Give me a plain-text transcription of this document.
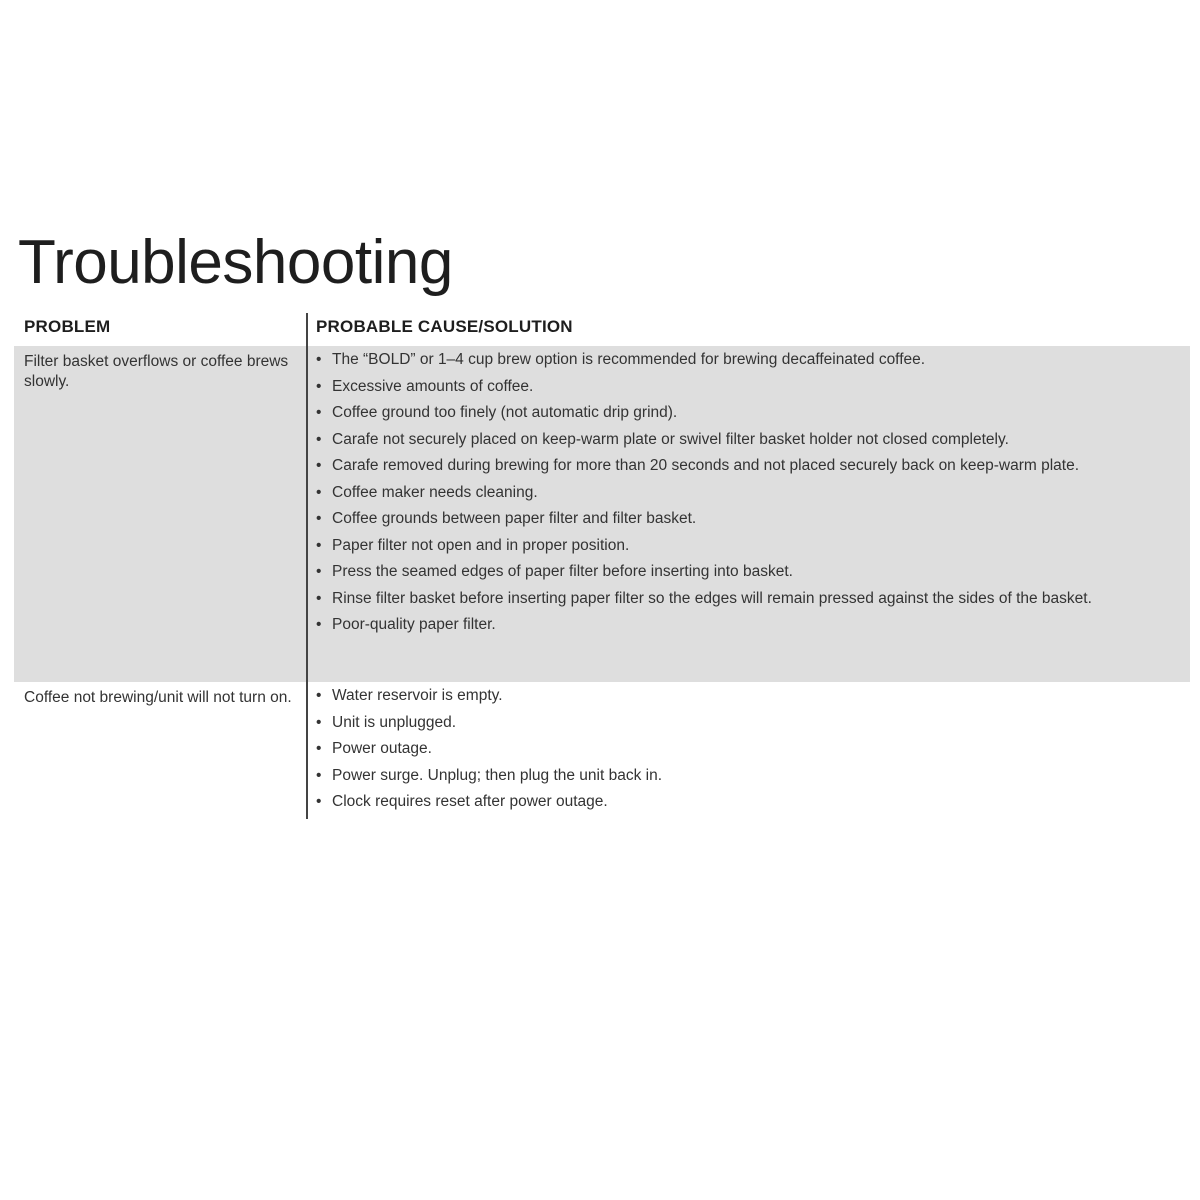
Troubleshooting
PROBLEM	PROBABLE CAUSE/SOLUTION
Filter basket overflows or coffee brews slowly.
• The “BOLD” or 1–4 cup brew option is recommended for brewing decaffeinated coffee.
• Excessive amounts of coffee.
• Coffee ground too finely (not automatic drip grind).
• Carafe not securely placed on keep-warm plate or swivel filter basket holder not closed completely.
• Carafe removed during brewing for more than 20 seconds and not placed securely back on keep-warm plate.
• Coffee maker needs cleaning.
• Coffee grounds between paper filter and filter basket.
• Paper filter not open and in proper position.
• Press the seamed edges of paper filter before inserting into basket.
• Rinse filter basket before inserting paper filter so the edges will remain pressed against the sides of the basket.
• Poor-quality paper filter.
Coffee not brewing/unit will not turn on. • Water reservoir is empty.
• Unit is unplugged.
• Power outage.
• Power surge. Unplug; then plug the unit back in.
• Clock requires reset after power outage.
